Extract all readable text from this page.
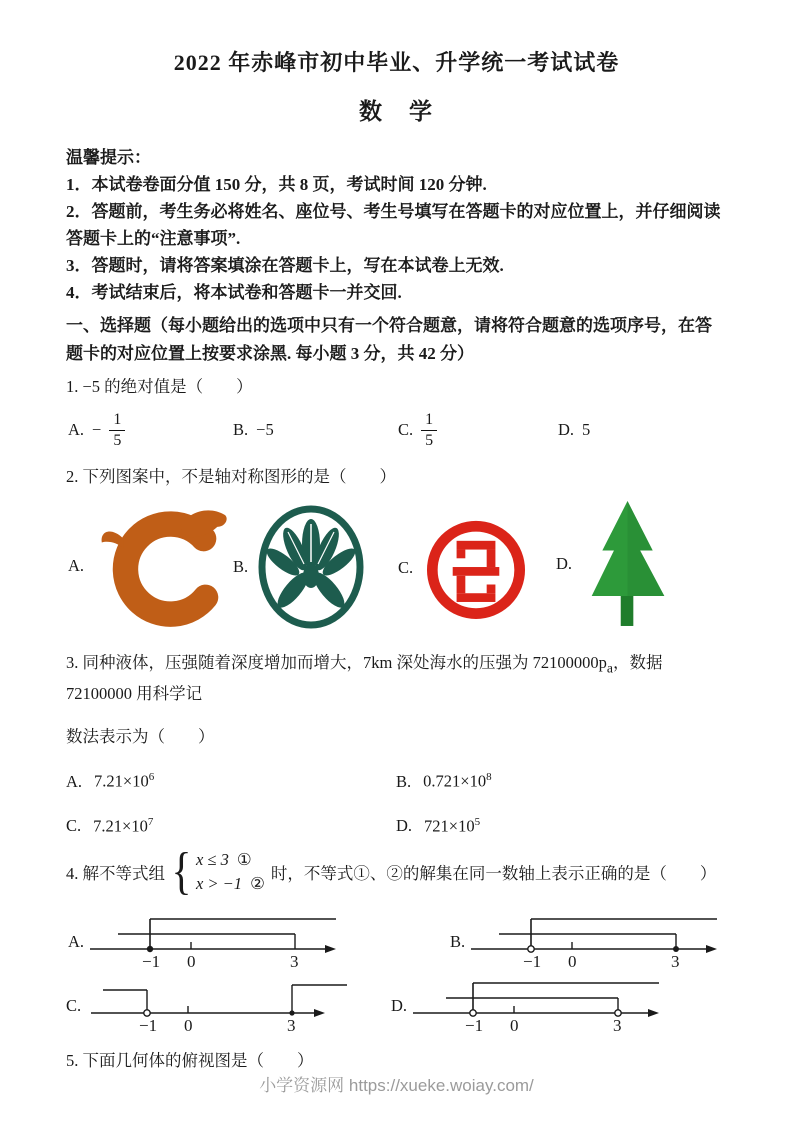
2022 年赤峰市初中毕业、升学统一考试试卷
数　学

温馨提示：

1．本试卷卷面分值 150 分，共 8 页，考试时间 120 分钟.

2．答题前，考生务必将姓名、座位号、考生号填写在答题卡的对应位置上，并仔细阅读答题卡上的“注意事项”.

3．答题时，请将答案填涂在答题卡上，写在本试卷上无效.

4．考试结束后，将本试卷和答题卡一并交回.

一、选择题（每小题给出的选项中只有一个符合题意，请将符合题意的选项序号，在答题卡的对应位置上按要求涂黑. 每小题 3 分，共 42 分）
1. −5 的绝对值是（　　）
A. − $\frac{1}{5}$	B. −5	C. $\frac{1}{5}$	D. 5
2. 下列图案中，不是轴对称图形的是（　　）
A.	B.	C.	D.
3. 同种液体，压强随着深度增加而增大，7km 深处海水的压强为 $72100000p_a$，数据 72100000 用科学记
数法表示为（　　）
A. $7.21\times 10^6$	B. $0.721\times 10^8$
C. $7.21\times 10^7$	D. $721\times 10^5$
4. 解不等式组 { x ≤ 3 ①
x > −1 ②
时，不等式①、②的解集在同一数轴上表示正确的是（　　）
A.
−1 0	3
B.
−1 0	3
C.
−1 0	3
D.
−1 0	3
5. 下面几何体的俯视图是（　　）
小学资源网 https://xueke.woiay.com/
